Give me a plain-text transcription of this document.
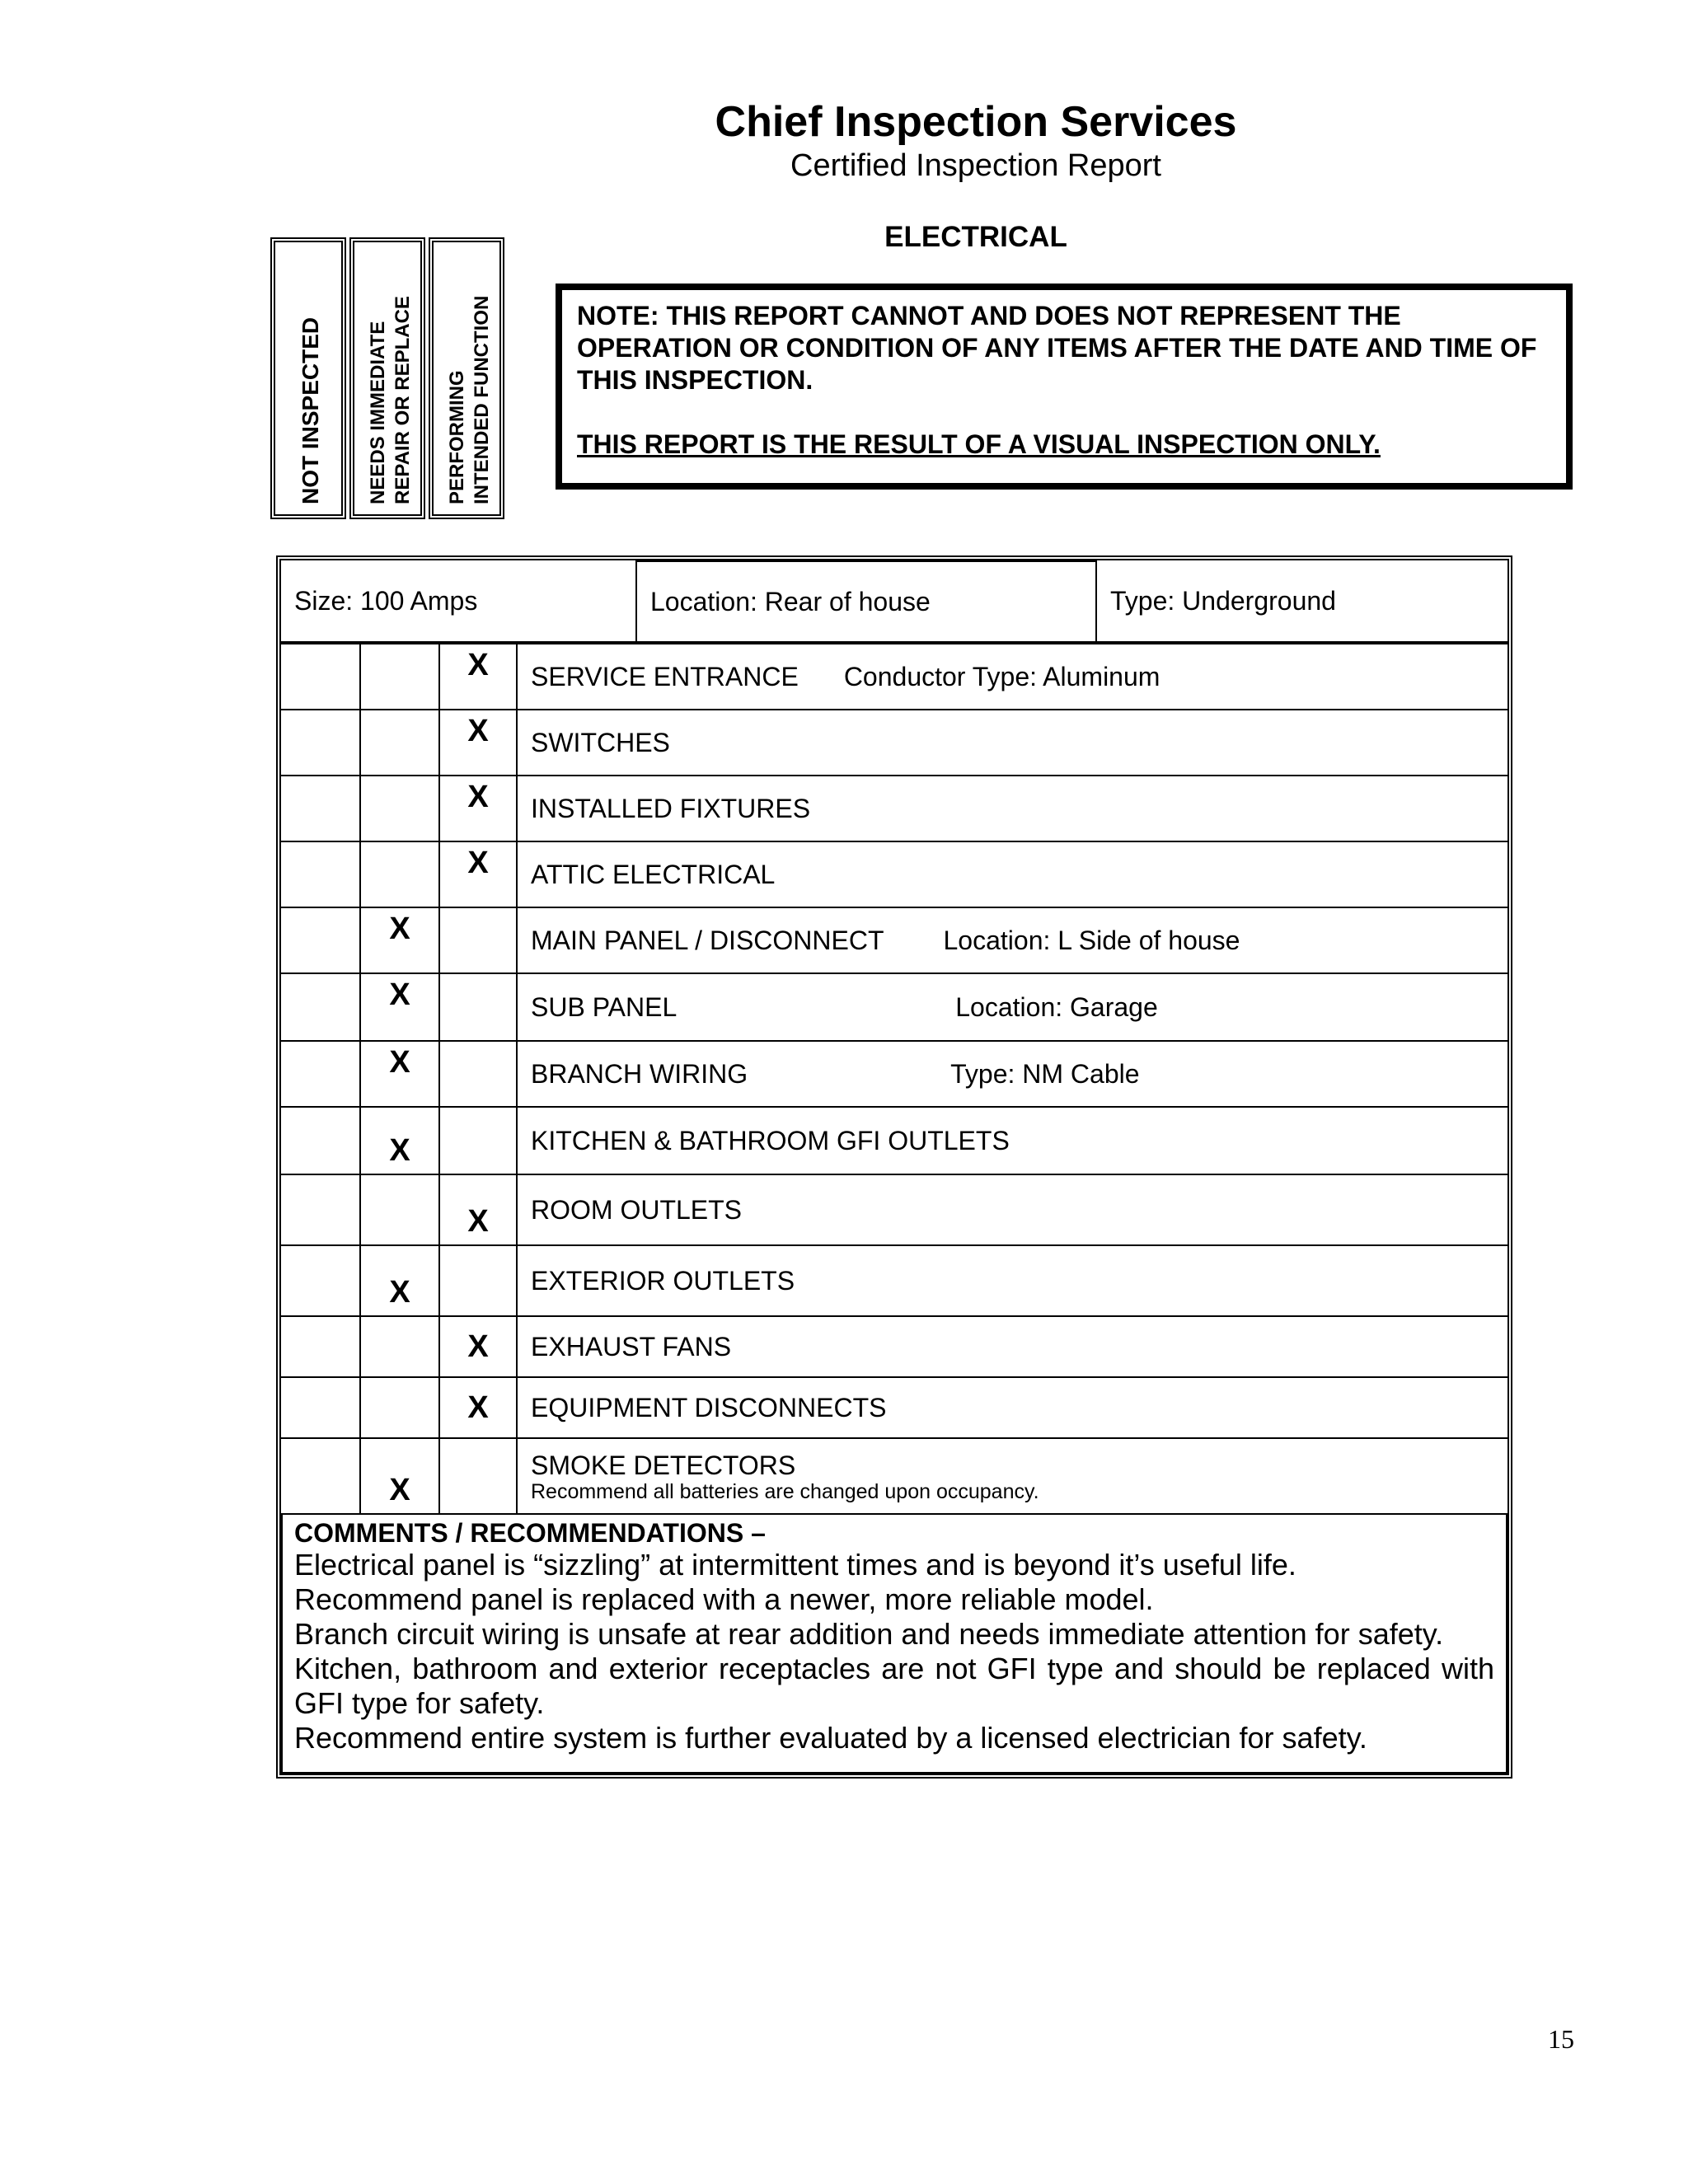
Chief Inspection Services
Certified Inspection Report
ELECTRICAL
NOT INSPECTED NEEDS IMMEDIATE REPAIR OR REPLACE PERFORMING INTENDED FUNCTION	NOTE: THIS REPORT CANNOT AND DOES NOT REPRESENT THE OPERATION OR CONDITION OF ANY ITEMS AFTER THE DATE AND TIME OF THIS INSPECTION.
THIS REPORT IS THE RESULT OF A VISUAL INSPECTION ONLY.
Size: 100 Amps	Location: Rear of house	Type: Underground
		X	SERVICE ENTRANCE Conductor Type: Aluminum
		X	SWITCHES
		X	INSTALLED FIXTURES
		X	ATTIC ELECTRICAL
	X		MAIN PANEL / DISCONNECT Location: L Side of house
	X		SUB PANEL Location: Garage
	X		BRANCH WIRING Type: NM Cable
	X		KITCHEN & BATHROOM GFI OUTLETS
		X	ROOM OUTLETS
	X		EXTERIOR OUTLETS
		X	EXHAUST FANS
		X	EQUIPMENT DISCONNECTS
	X		SMOKE DETECTORS
Recommend all batteries are changed upon occupancy.
COMMENTS / RECOMMENDATIONS –
Electrical panel is “sizzling” at intermittent times and is beyond it’s useful life.
Recommend panel is replaced with a newer, more reliable model.
Branch circuit wiring is unsafe at rear addition and needs immediate attention for safety.
Kitchen, bathroom and exterior receptacles are not GFI type and should be replaced with GFI type for safety.
Recommend entire system is further evaluated by a licensed electrician for safety.
15
